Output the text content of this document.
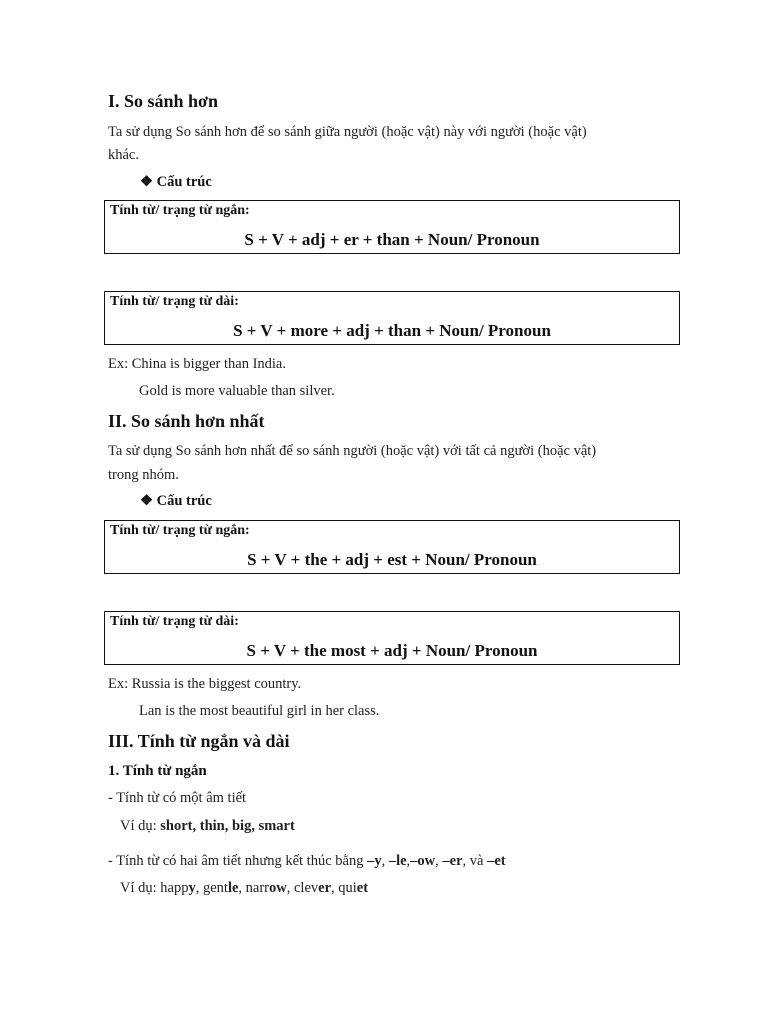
I. So sánh hơn
Ta sử dụng So sánh hơn để so sánh giữa người (hoặc vật) này với người (hoặc vật)
khác.
❖ Cấu trúc
Tính từ/ trạng từ ngắn:
S + V + adj + er + than + Noun/ Pronoun
Tính từ/ trạng từ dài:
S + V + more + adj + than + Noun/ Pronoun
Ex: China is bigger than India.
Gold is more valuable than silver.
II. So sánh hơn nhất
Ta sử dụng So sánh hơn nhất để so sánh người (hoặc vật) với tất cả người (hoặc vật)
trong nhóm.
❖ Cấu trúc
Tính từ/ trạng từ ngắn:
S + V + the + adj + est + Noun/ Pronoun
Tính từ/ trạng từ dài:
S + V + the most + adj + Noun/ Pronoun
Ex: Russia is the biggest country.
Lan is the most beautiful girl in her class.
III. Tính từ ngắn và dài
1. Tính từ ngắn
- Tính từ có một âm tiết
Ví dụ: short, thin, big, smart
- Tính từ có hai âm tiết nhưng kết thúc bằng –y, –le,–ow, –er, và –et
Ví dụ: happy, gentle, narrow, clever, quiet
